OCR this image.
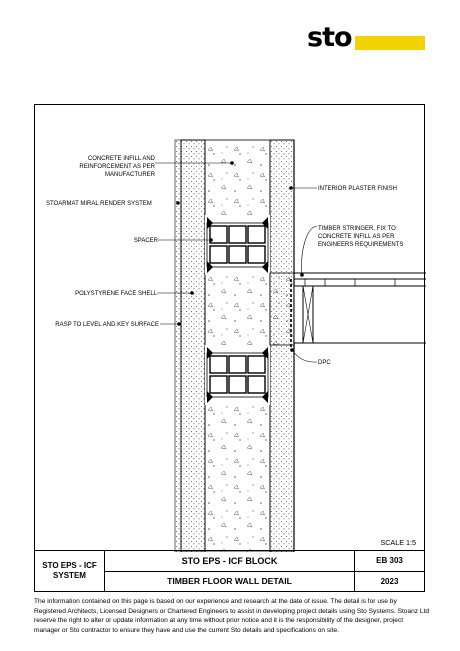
sto
CONCRETE INFILL AND
REINFORCEMENT AS PER
MANUFACTURER
STOARMAT MIRAL RENDER SYSTEM
SPACER
POLYSTYRENE FACE SHELL
RASP TO LEVEL AND KEY SURFACE
INTERIOR PLASTER FINISH
TIMBER STRINGER, FIX TO
CONCRETE INFILL AS PER
ENGINEERS REQUIREMENTS
DPC
SCALE 1:5
STO EPS - ICF
SYSTEM
STO EPS - ICF BLOCK
TIMBER FLOOR WALL DETAIL
EB 303
2023
The information contained on this page is based on our experience and research at the date of issue. The detail is for use by Registered Architects, Licensed Designers or Chartered Engineers to assist in developing project details using Sto Systems. Stoanz Ltd reserve the right to alter or update information at any time without prior notice and it is the responsibility of the designer, project manager or Sto contractor to ensure they have and use the current Sto details and specifications on site.
